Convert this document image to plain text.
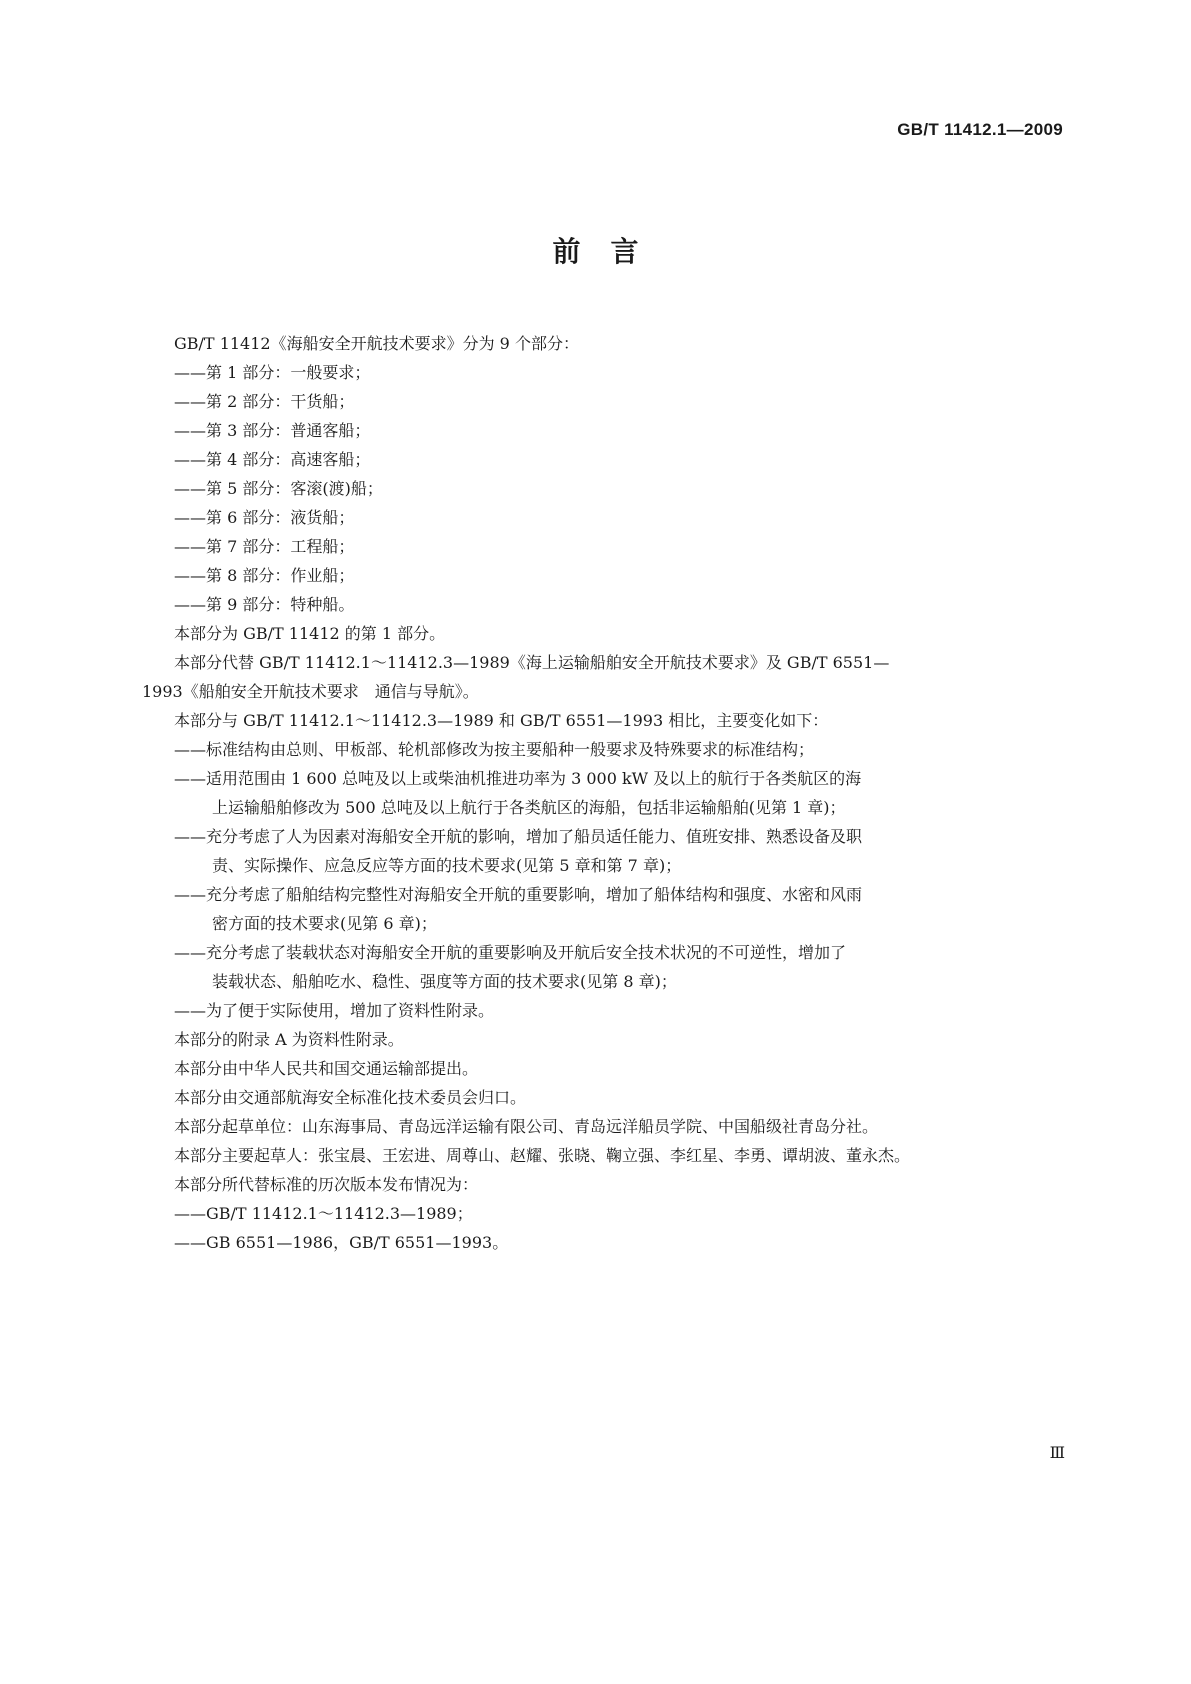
GB/T 11412.1—2009
前言

GB/T 11412《海船安全开航技术要求》分为 9 个部分：

——第 1 部分：一般要求；

——第 2 部分：干货船；

——第 3 部分：普通客船；

——第 4 部分：高速客船；

——第 5 部分：客滚(渡)船；

——第 6 部分：液货船；

——第 7 部分：工程船；

——第 8 部分：作业船；

——第 9 部分：特种船。

本部分为 GB/T 11412 的第 1 部分。

本部分代替 GB/T 11412.1～11412.3—1989《海上运输船舶安全开航技术要求》及 GB/T 6551—

1993《船舶安全开航技术要求　通信与导航》。

本部分与 GB/T 11412.1～11412.3—1989 和 GB/T 6551—1993 相比，主要变化如下：

——标准结构由总则、甲板部、轮机部修改为按主要船种一般要求及特殊要求的标准结构；

——适用范围由 1 600 总吨及以上或柴油机推进功率为 3 000 kW 及以上的航行于各类航区的海

上运输船舶修改为 500 总吨及以上航行于各类航区的海船，包括非运输船舶(见第 1 章)；

——充分考虑了人为因素对海船安全开航的影响，增加了船员适任能力、值班安排、熟悉设备及职

责、实际操作、应急反应等方面的技术要求(见第 5 章和第 7 章)；

——充分考虑了船舶结构完整性对海船安全开航的重要影响，增加了船体结构和强度、水密和风雨

密方面的技术要求(见第 6 章)；

——充分考虑了装载状态对海船安全开航的重要影响及开航后安全技术状况的不可逆性，增加了

装载状态、船舶吃水、稳性、强度等方面的技术要求(见第 8 章)；

——为了便于实际使用，增加了资料性附录。

本部分的附录 A 为资料性附录。

本部分由中华人民共和国交通运输部提出。

本部分由交通部航海安全标准化技术委员会归口。

本部分起草单位：山东海事局、青岛远洋运输有限公司、青岛远洋船员学院、中国船级社青岛分社。

本部分主要起草人：张宝晨、王宏进、周尊山、赵耀、张晓、鞠立强、李红星、李勇、谭胡波、董永杰。

本部分所代替标准的历次版本发布情况为：

——GB/T 11412.1～11412.3—1989；

——GB 6551—1986，GB/T 6551—1993。

Ⅲ
